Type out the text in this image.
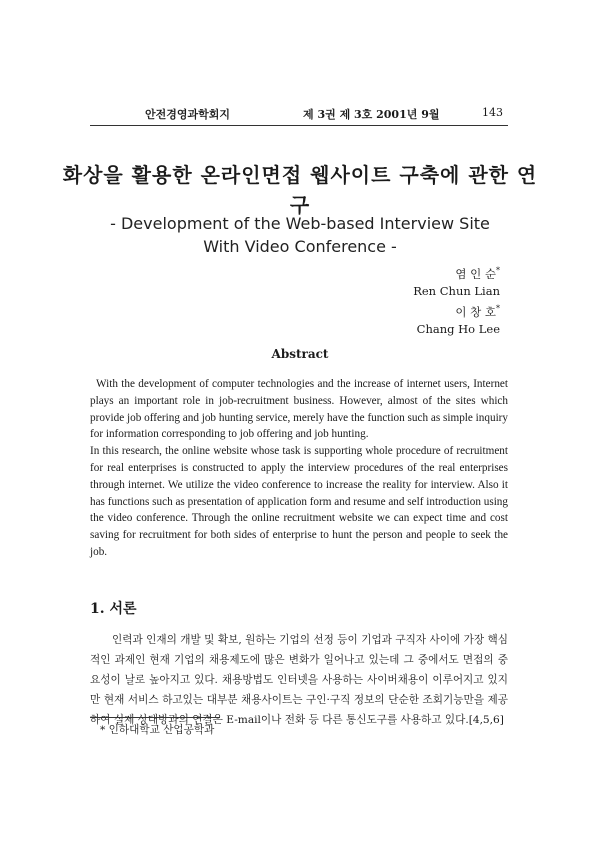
안전경영과학회지	제 3권 제 3호 2001년 9월	143
화상을 활용한 온라인면접 웹사이트 구축에 관한 연구
- Development of the Web-based Interview Site
With Video Conference -
염 인 순*
Ren Chun Lian
이 창 호*
Chang Ho Lee
Abstract

With the development of computer technologies and the increase of internet users, Internet plays an important role in job-recruitment business. However, almost of the sites which provide job offering and job hunting service, merely have the function such as simple inquiry for information corresponding to job offering and job hunting.

In this research, the online website whose task is supporting whole procedure of recruitment for real enterprises is constructed to apply the interview procedures of the real enterprises through internet. We utilize the video conference to increase the reality for interview. Also it has functions such as presentation of application form and resume and self introduction using the video conference. Through the online recruitment website we can expect time and cost saving for recruitment for both sides of enterprise to hunt the person and people to seek the job.

1. 서론
인력과 인재의 개발 및 확보, 원하는 기업의 선정 등이 기업과 구직자 사이에 가장 핵심적인 과제인 현재 기업의 채용제도에 많은 변화가 일어나고 있는데 그 중에서도 면접의 중요성이 날로 높아지고 있다. 채용방법도 인터넷을 사용하는 사이버채용이 이루어지고 있지만 현재 서비스 하고있는 대부분 채용사이트는 구인·구직 정보의 단순한 조회기능만을 제공하여 실제 상대방과의 연결은 E-mail이나 전화 등 다른 통신도구를 사용하고 있다.[4,5,6]
* 인하대학교 산업공학과
